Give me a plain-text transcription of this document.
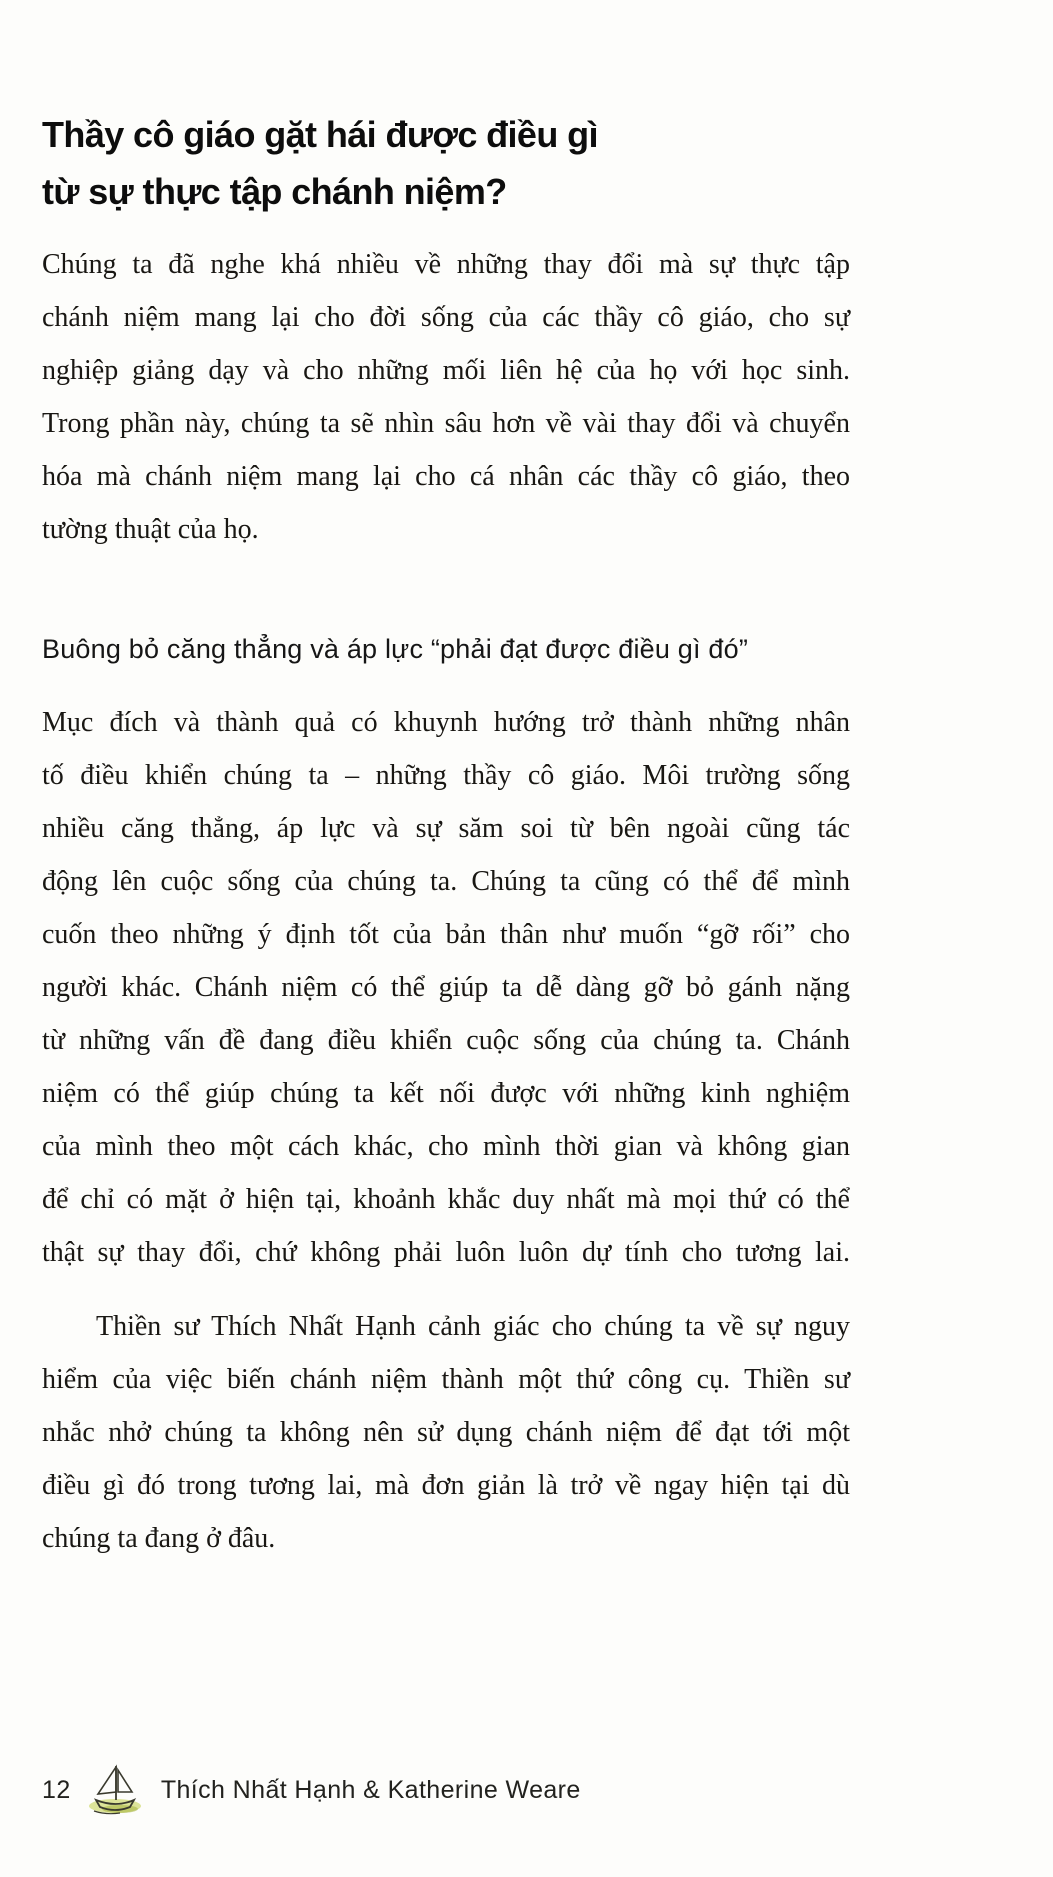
Thầy cô giáo gặt hái được điều gì
từ sự thực tập chánh niệm?
Chúng ta đã nghe khá nhiều về những thay đổi mà sự thực tập
chánh niệm mang lại cho đời sống của các thầy cô giáo, cho sự
nghiệp giảng dạy và cho những mối liên hệ của họ với học sinh.
Trong phần này, chúng ta sẽ nhìn sâu hơn về vài thay đổi và chuyển
hóa mà chánh niệm mang lại cho cá nhân các thầy cô giáo, theo
tường thuật của họ.
Buông bỏ căng thẳng và áp lực “phải đạt được điều gì đó”
Mục đích và thành quả có khuynh hướng trở thành những nhân
tố điều khiển chúng ta – những thầy cô giáo. Môi trường sống
nhiều căng thẳng, áp lực và sự săm soi từ bên ngoài cũng tác
động lên cuộc sống của chúng ta. Chúng ta cũng có thể để mình
cuốn theo những ý định tốt của bản thân như muốn “gỡ rối” cho
người khác. Chánh niệm có thể giúp ta dễ dàng gỡ bỏ gánh nặng
từ những vấn đề đang điều khiển cuộc sống của chúng ta. Chánh
niệm có thể giúp chúng ta kết nối được với những kinh nghiệm
của mình theo một cách khác, cho mình thời gian và không gian
để chỉ có mặt ở hiện tại, khoảnh khắc duy nhất mà mọi thứ có thể
thật sự thay đổi, chứ không phải luôn luôn dự tính cho tương lai.
Thiền sư Thích Nhất Hạnh cảnh giác cho chúng ta về sự nguy
hiểm của việc biến chánh niệm thành một thứ công cụ. Thiền sư
nhắc nhở chúng ta không nên sử dụng chánh niệm để đạt tới một
điều gì đó trong tương lai, mà đơn giản là trở về ngay hiện tại dù
chúng ta đang ở đâu.
12	Thích Nhất Hạnh & Katherine Weare
